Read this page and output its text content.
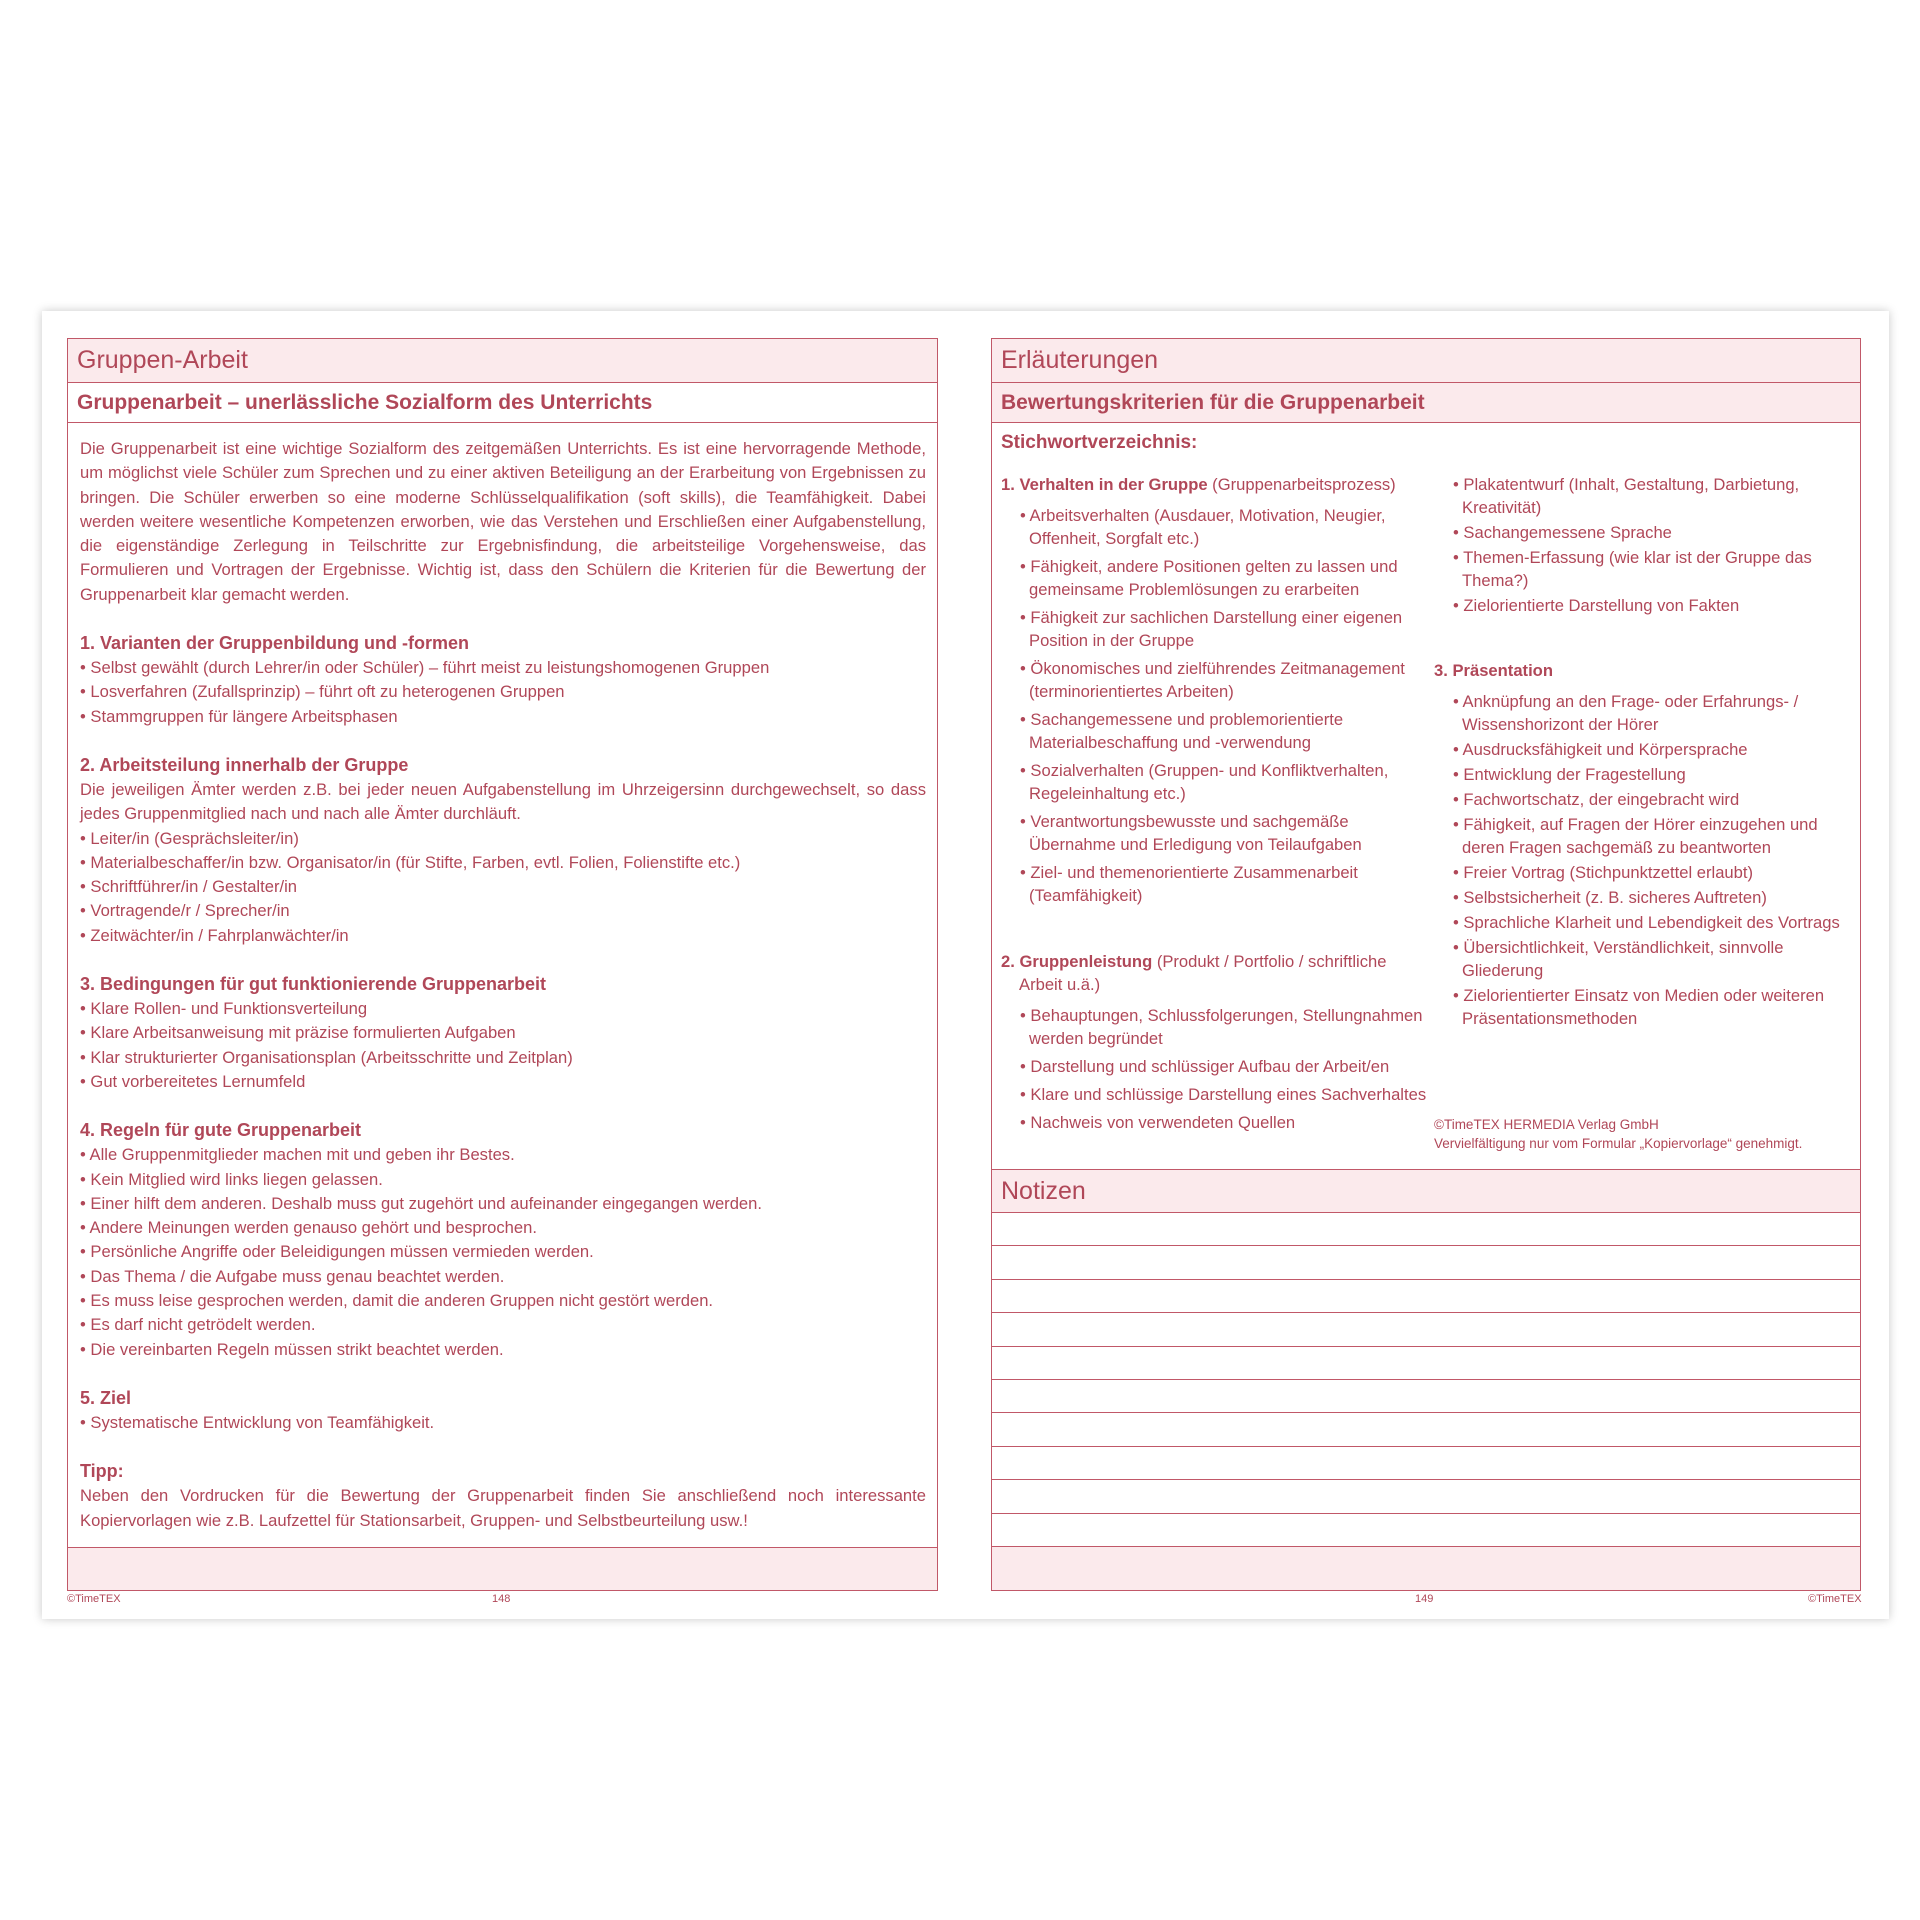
Gruppen-Arbeit
Gruppenarbeit – unerlässliche Sozialform des Unterrichts

Die Gruppenarbeit ist eine wichtige Sozialform des zeitgemäßen Unterrichts. Es ist eine hervorragende Methode, um möglichst viele Schüler zum Sprechen und zu einer aktiven Beteiligung an der Erarbeitung von Ergebnissen zu bringen. Die Schüler erwerben so eine moderne Schlüsselqualifikation (soft skills), die Teamfähigkeit. Dabei werden weitere wesentliche Kompetenzen erworben, wie das Verstehen und Erschließen einer Aufgabenstellung, die eigenständige Zerlegung in Teilschritte zur Ergebnisfindung, die arbeitsteilige Vorgehensweise, das Formulieren und Vortragen der Ergebnisse. Wichtig ist, dass den Schülern die Kriterien für die Bewertung der Gruppenarbeit klar gemacht werden.

1. Varianten der Gruppenbildung und -formen
• Selbst gewählt (durch Lehrer/in oder Schüler) – führt meist zu leistungshomogenen Gruppen
• Losverfahren (Zufallsprinzip) – führt oft zu heterogenen Gruppen
• Stammgruppen für längere Arbeitsphasen
2. Arbeitsteilung innerhalb der Gruppe
Die jeweiligen Ämter werden z.B. bei jeder neuen Aufgabenstellung im Uhrzeigersinn durchgewechselt, so dass jedes Gruppenmitglied nach und nach alle Ämter durchläuft.
• Leiter/in (Gesprächsleiter/in)
• Materialbeschaffer/in bzw. Organisator/in (für Stifte, Farben, evtl. Folien, Folienstifte etc.)
• Schriftführer/in / Gestalter/in
• Vortragende/r / Sprecher/in
• Zeitwächter/in / Fahrplanwächter/in
3. Bedingungen für gut funktionierende Gruppenarbeit
• Klare Rollen- und Funktionsverteilung
• Klare Arbeitsanweisung mit präzise formulierten Aufgaben
• Klar strukturierter Organisationsplan (Arbeitsschritte und Zeitplan)
• Gut vorbereitetes Lernumfeld
4. Regeln für gute Gruppenarbeit
• Alle Gruppenmitglieder machen mit und geben ihr Bestes.
• Kein Mitglied wird links liegen gelassen.
• Einer hilft dem anderen. Deshalb muss gut zugehört und aufeinander eingegangen werden.
• Andere Meinungen werden genauso gehört und besprochen.
• Persönliche Angriffe oder Beleidigungen müssen vermieden werden.
• Das Thema / die Aufgabe muss genau beachtet werden.
• Es muss leise gesprochen werden, damit die anderen Gruppen nicht gestört werden.
• Es darf nicht getrödelt werden.
• Die vereinbarten Regeln müssen strikt beachtet werden.
5. Ziel
• Systematische Entwicklung von Teamfähigkeit.
Tipp:
Neben den Vordrucken für die Bewertung der Gruppenarbeit finden Sie anschließend noch interessante Kopiervorlagen wie z.B. Laufzettel für Stationsarbeit, Gruppen- und Selbstbeurteilung usw.!
Erläuterungen
Bewertungskriterien für die Gruppenarbeit
Stichwortverzeichnis:
1. Verhalten in der Gruppe (Gruppenarbeitsprozess)
• Arbeitsverhalten (Ausdauer, Motivation, Neugier, Offenheit, Sorgfalt etc.)
• Fähigkeit, andere Positionen gelten zu lassen und gemeinsame Problemlösungen zu erarbeiten
• Fähigkeit zur sachlichen Darstellung einer eigenen Position in der Gruppe
• Ökonomisches und zielführendes Zeitmanagement (terminorientiertes Arbeiten)
• Sachangemessene und problemorientierte Materialbeschaffung und -verwendung
• Sozialverhalten (Gruppen- und Konfliktverhalten, Regeleinhaltung etc.)
• Verantwortungsbewusste und sachgemäße Übernahme und Erledigung von Teilaufgaben
• Ziel- und themenorientierte Zusammenarbeit (Teamfähigkeit)
2. Gruppenleistung (Produkt / Portfolio / schriftliche Arbeit u.ä.)
• Behauptungen, Schlussfolgerungen, Stellungnahmen werden begründet
• Darstellung und schlüssiger Aufbau der Arbeit/en
• Klare und schlüssige Darstellung eines Sachverhaltes
• Nachweis von verwendeten Quellen
• Plakatentwurf (Inhalt, Gestaltung, Darbietung, Kreativität)
• Sachangemessene Sprache
• Themen-Erfassung (wie klar ist der Gruppe das Thema?)
• Zielorientierte Darstellung von Fakten
3. Präsentation
• Anknüpfung an den Frage- oder Erfahrungs- / Wissenshorizont der Hörer
• Ausdrucksfähigkeit und Körpersprache
• Entwicklung der Fragestellung
• Fachwortschatz, der eingebracht wird
• Fähigkeit, auf Fragen der Hörer einzugehen und deren Fragen sachgemäß zu beantworten
• Freier Vortrag (Stichpunktzettel erlaubt)
• Selbstsicherheit (z. B. sicheres Auftreten)
• Sprachliche Klarheit und Lebendigkeit des Vortrags
• Übersichtlichkeit, Verständlichkeit, sinnvolle Gliederung
• Zielorientierter Einsatz von Medien oder weiteren Präsentationsmethoden
©TimeTEX HERMEDIA Verlag GmbH
Vervielfältigung nur vom Formular „Kopiervorlage“ genehmigt.
Notizen
©TimeTEX	148	149	©TimeTEX
